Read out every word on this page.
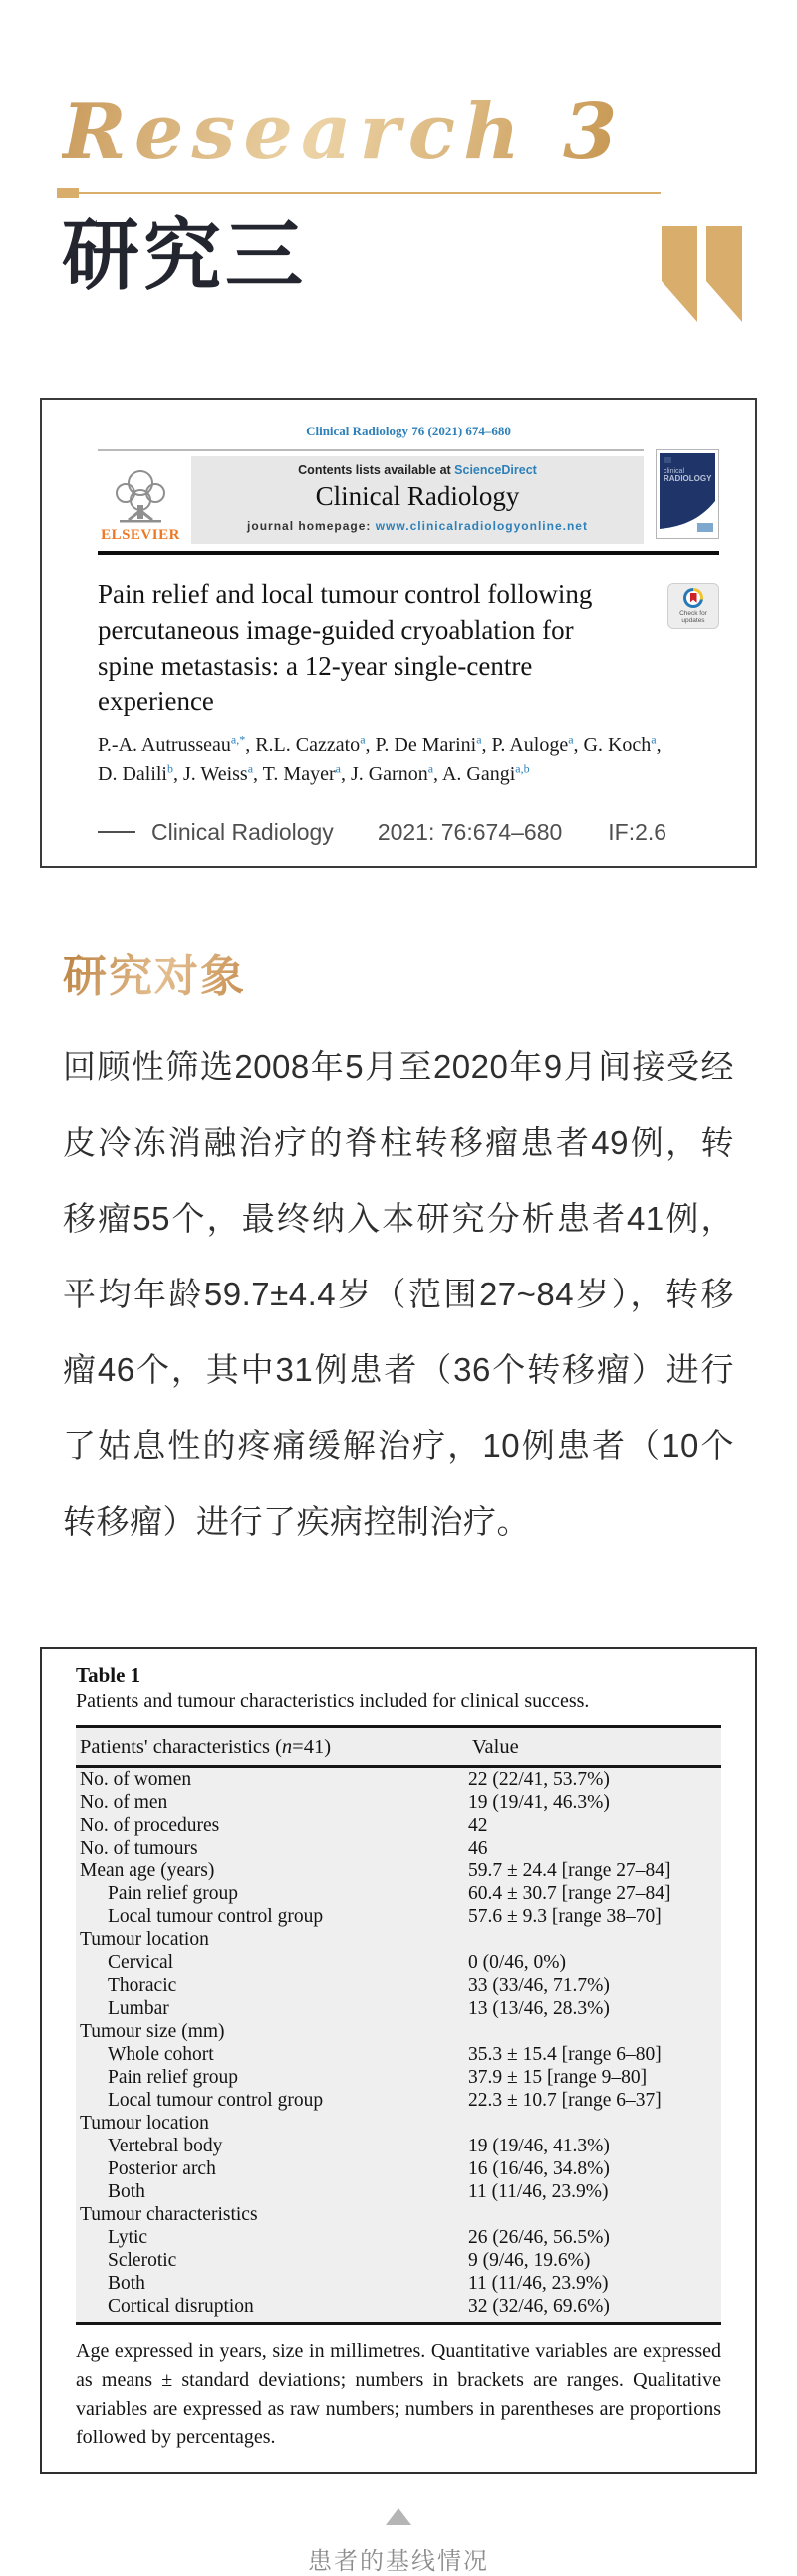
Research 3
研究三
Clinical Radiology 76 (2021) 674–680
ELSEVIER
Contents lists available at ScienceDirect
Clinical Radiology
journal homepage: www.clinicalradiologyonline.net
clinical
RADIOLOGY
Pain relief and local tumour control following percutaneous image-guided cryoablation for spine metastasis: a 12-year single-centre experience
Check for
updates
P.-A. Autrusseau$^{a,*}$, R.L. Cazzato$^a$, P. De Marini$^a$, P. Auloge$^a$, G. Koch$^a$, D. Dalili$^b$, J. Weiss$^a$, T. Mayer$^a$, J. Garnon$^a$, A. Gangi$^{a,b}$
Clinical Radiology 2021: 76:674–680 IF:2.6
研究对象

回顾性筛选2008年5月至2020年9月间接受经皮冷冻消融治疗的脊柱转移瘤患者49例，转移瘤55个，最终纳入本研究分析患者41例，平均年龄59.7±4.4岁（范围27~84岁），转移瘤46个，其中31例患者（36个转移瘤）进行了姑息性的疼痛缓解治疗，10例患者（10个转移瘤）进行了疾病控制治疗。

Table 1
Patients and tumour characteristics included for clinical success.
Patients' characteristics (n=41)	Value
No. of women	22 (22/41, 53.7%)
No. of men	19 (19/41, 46.3%)
No. of procedures	42
No. of tumours	46
Mean age (years)	59.7 ± 24.4 [range 27–84]
Pain relief group	60.4 ± 30.7 [range 27–84]
Local tumour control group	57.6 ± 9.3 [range 38–70]
Tumour location	
Cervical	0 (0/46, 0%)
Thoracic	33 (33/46, 71.7%)
Lumbar	13 (13/46, 28.3%)
Tumour size (mm)	
Whole cohort	35.3 ± 15.4 [range 6–80]
Pain relief group	37.9 ± 15 [range 9–80]
Local tumour control group	22.3 ± 10.7 [range 6–37]
Tumour location	
Vertebral body	19 (19/46, 41.3%)
Posterior arch	16 (16/46, 34.8%)
Both	11 (11/46, 23.9%)
Tumour characteristics	
Lytic	26 (26/46, 56.5%)
Sclerotic	9 (9/46, 19.6%)
Both	11 (11/46, 23.9%)
Cortical disruption	32 (32/46, 69.6%)
Age expressed in years, size in millimetres. Quantitative variables are expressed as means ± standard deviations; numbers in brackets are ranges. Qualitative variables are expressed as raw numbers; numbers in parentheses are proportions followed by percentages.
患者的基线情况
